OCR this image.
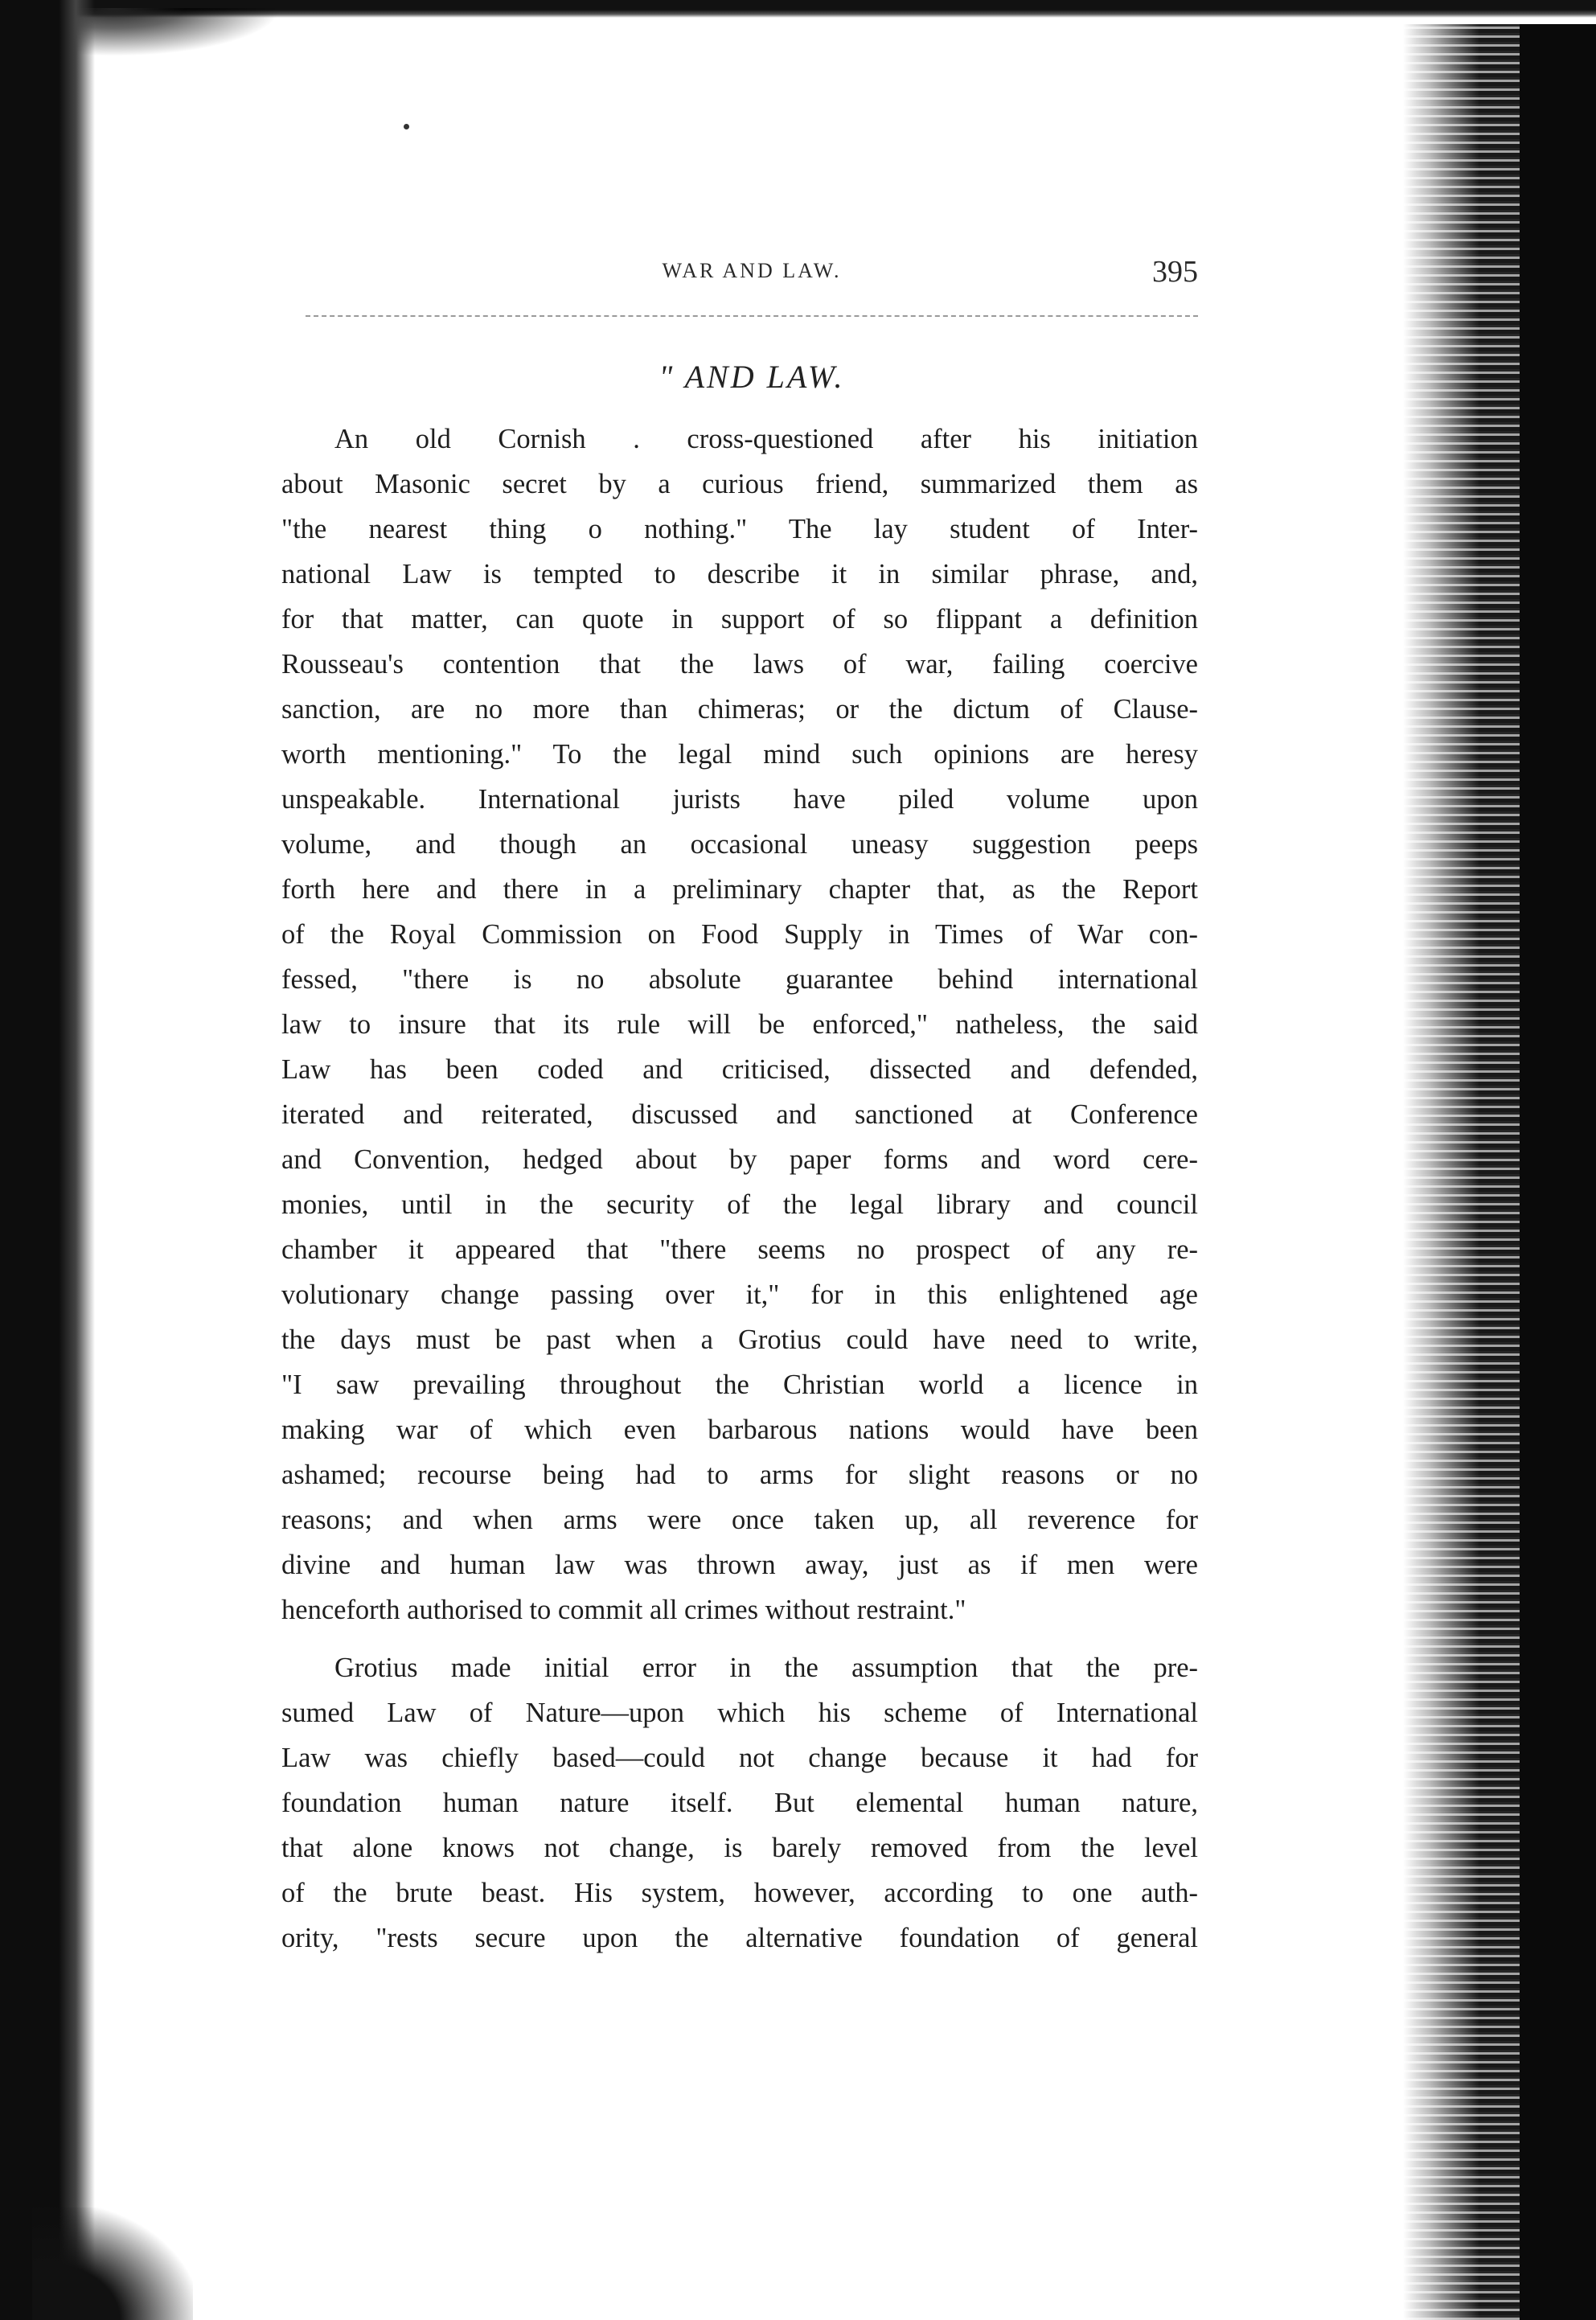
WAR AND LAW.	395
" AND LAW.
An old Cornish . cross-questioned after his initiation
about Masonic secret by a curious friend, summarized them as
"the nearest thing o nothing." The lay student of Inter-
national Law is tempted to describe it in similar phrase, and,
for that matter, can quote in support of so flippant a definition
Rousseau's contention that the laws of war, failing coercive
sanction, are no more than chimeras; or the dictum of Clause-
worth mentioning." To the legal mind such opinions are heresy
unspeakable. International jurists have piled volume upon
volume, and though an occasional uneasy suggestion peeps
forth here and there in a preliminary chapter that, as the Report
of the Royal Commission on Food Supply in Times of War con-
fessed, "there is no absolute guarantee behind international
law to insure that its rule will be enforced," natheless, the said
Law has been coded and criticised, dissected and defended,
iterated and reiterated, discussed and sanctioned at Conference
and Convention, hedged about by paper forms and word cere-
monies, until in the security of the legal library and council
chamber it appeared that "there seems no prospect of any re-
volutionary change passing over it," for in this enlightened age
the days must be past when a Grotius could have need to write,
"I saw prevailing throughout the Christian world a licence in
making war of which even barbarous nations would have been
ashamed; recourse being had to arms for slight reasons or no
reasons; and when arms were once taken up, all reverence for
divine and human law was thrown away, just as if men were
henceforth authorised to commit all crimes without restraint."
Grotius made initial error in the assumption that the pre-
sumed Law of Nature—upon which his scheme of International
Law was chiefly based—could not change because it had for
foundation human nature itself. But elemental human nature,
that alone knows not change, is barely removed from the level
of the brute beast. His system, however, according to one auth-
ority, "rests secure upon the alternative foundation of general
